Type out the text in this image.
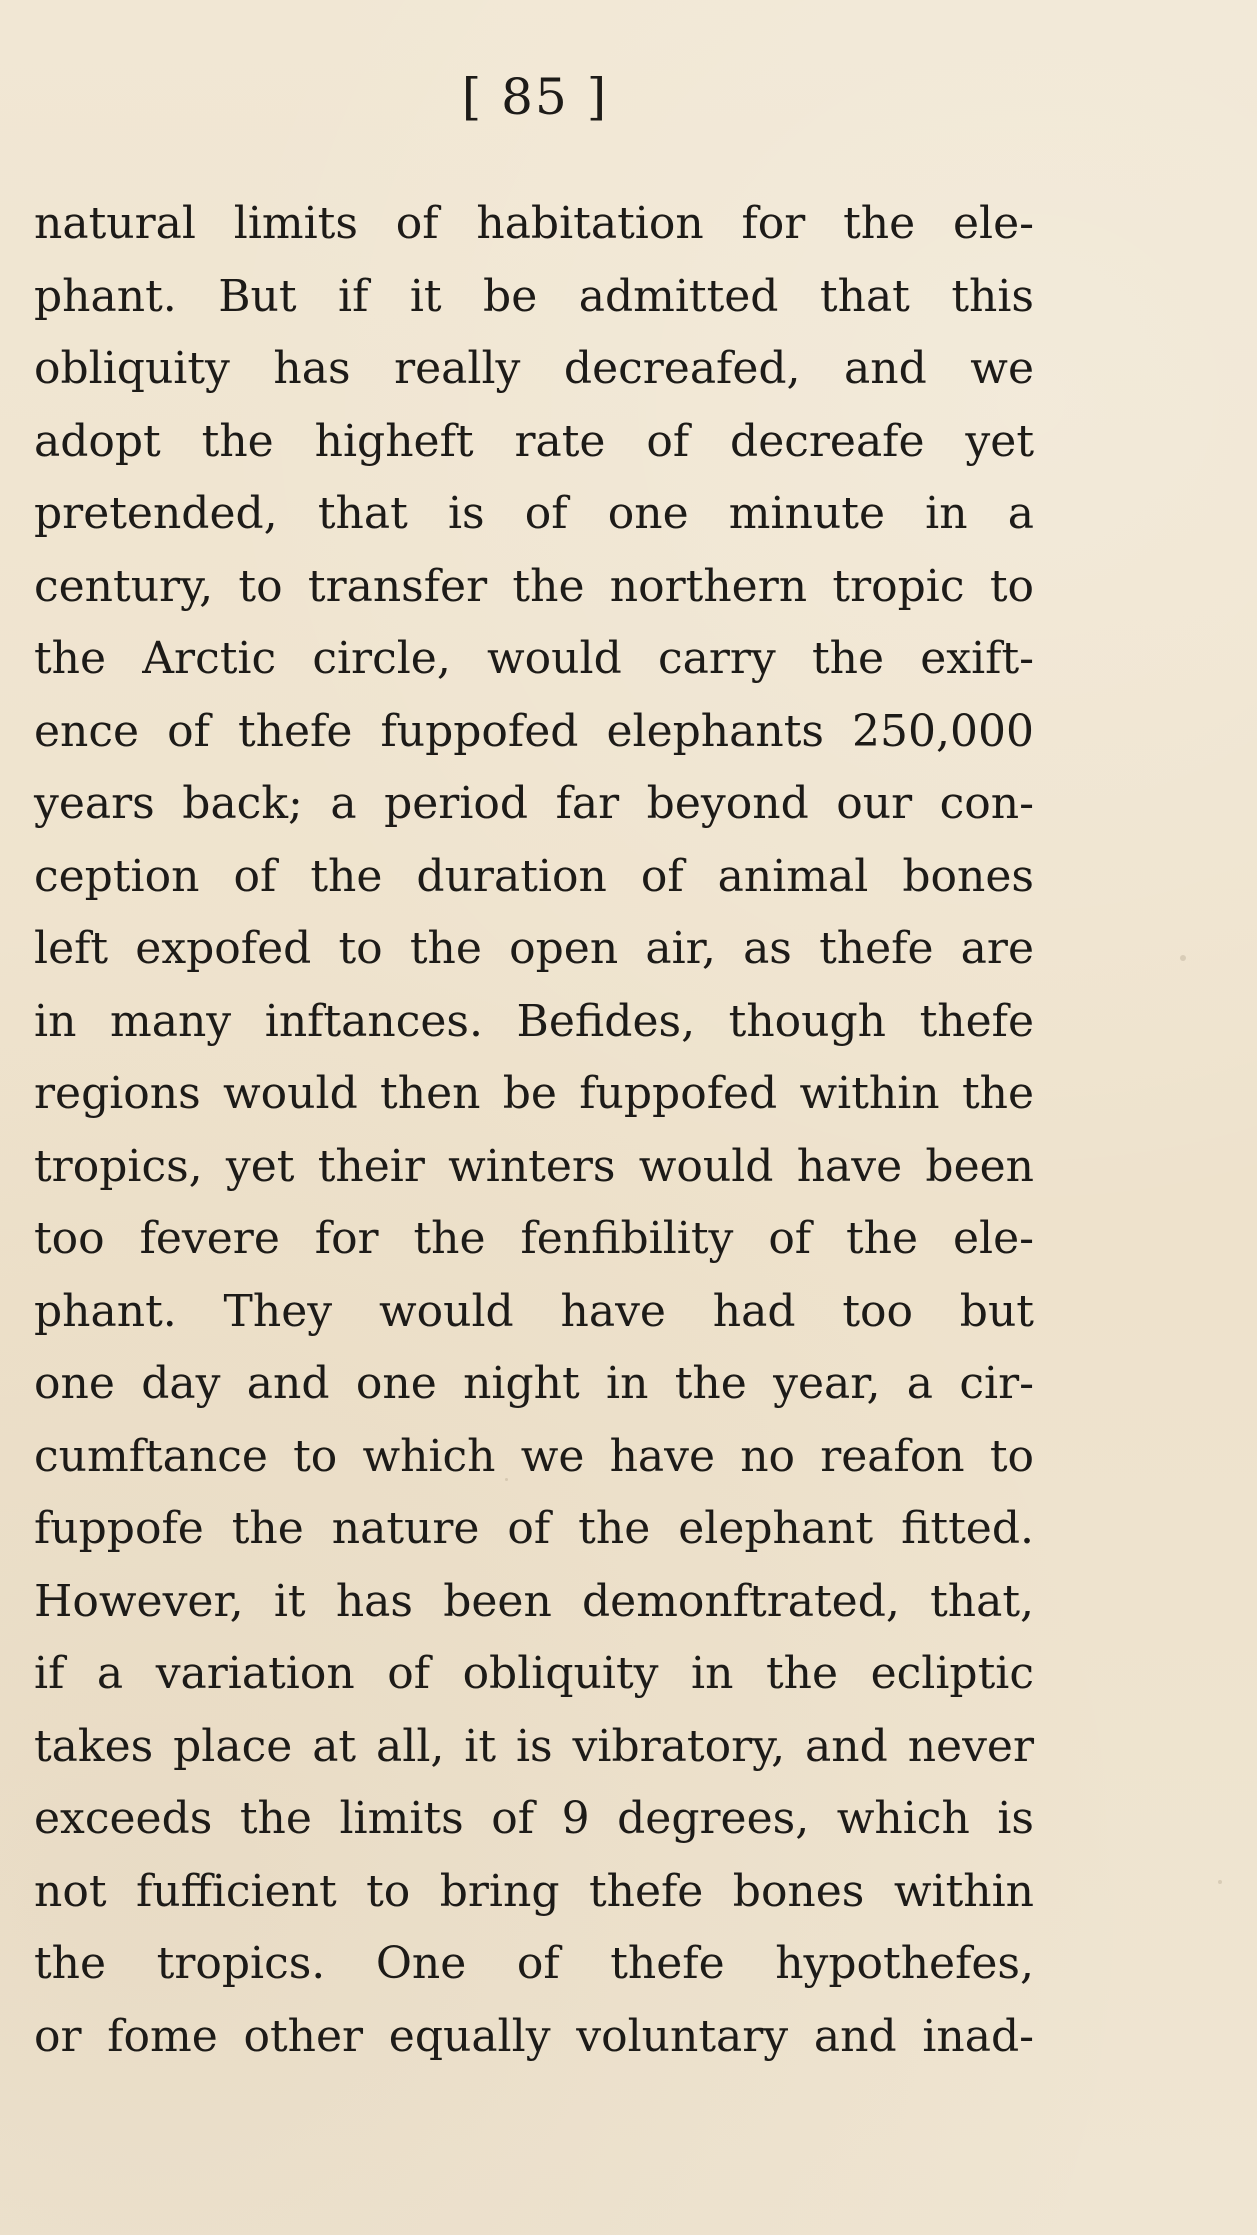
[ 85 ]
natural limits of habitation for the ele-
phant. But if it be admitted that this
obliquity has really decreafed, and we
adopt the higheft rate of decreafe yet
pretended, that is of one minute in a
century, to transfer the northern tropic to
the Arctic circle, would carry the exift-
ence of thefe fuppofed elephants 250,000
years back; a period far beyond our con-
ception of the duration of animal bones
left expofed to the open air, as thefe are
in many inftances. Befides, though thefe
regions would then be fuppofed within the
tropics, yet their winters would have been
too fevere for the fenfibility of the ele-
phant. They would have had too but
one day and one night in the year, a cir-
cumftance to which we have no reafon to
fuppofe the nature of the elephant fitted.
However, it has been demonftrated, that,
if a variation of obliquity in the ecliptic
takes place at all, it is vibratory, and never
exceeds the limits of 9 degrees, which is
not fufficient to bring thefe bones within
the tropics. One of thefe hypothefes,
or fome other equally voluntary and inad-
